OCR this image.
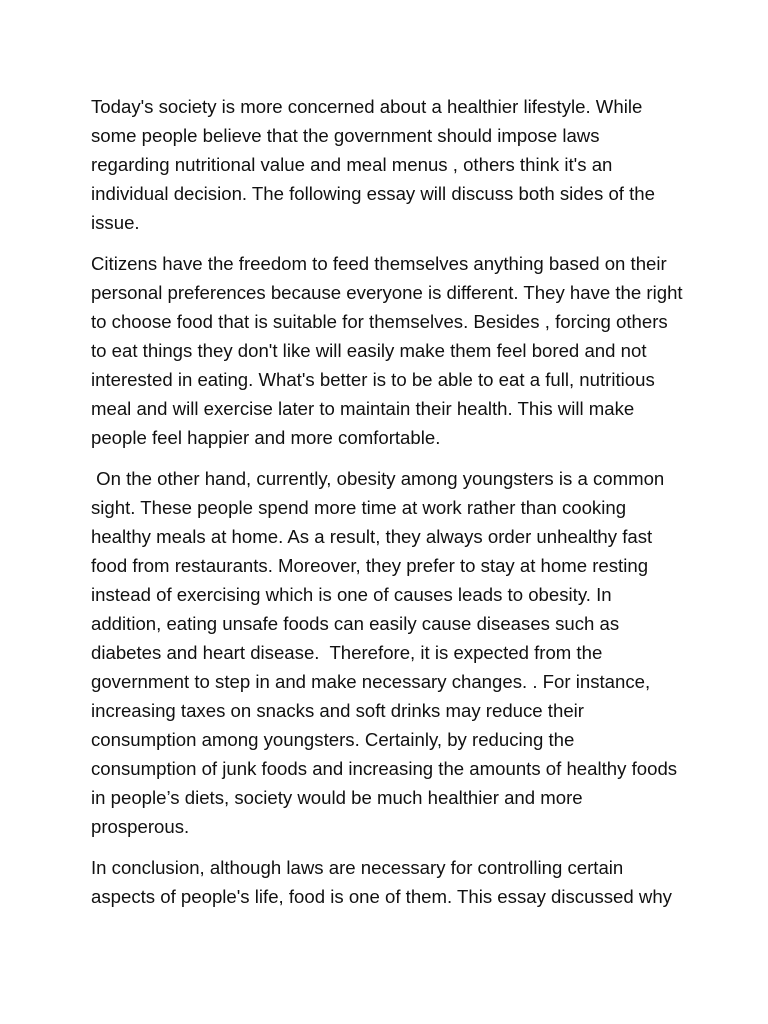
Today's society is more concerned about a healthier lifestyle. While
some people believe that the government should impose laws
regarding nutritional value and meal menus , others think it's an
individual decision. The following essay will discuss both sides of the
issue.

Citizens have the freedom to feed themselves anything based on their
personal preferences because everyone is different. They have the right
to choose food that is suitable for themselves. Besides , forcing others
to eat things they don't like will easily make them feel bored and not
interested in eating. What's better is to be able to eat a full, nutritious
meal and will exercise later to maintain their health. This will make
people feel happier and more comfortable.

On the other hand, currently, obesity among youngsters is a common
sight. These people spend more time at work rather than cooking
healthy meals at home. As a result, they always order unhealthy fast
food from restaurants. Moreover, they prefer to stay at home resting
instead of exercising which is one of causes leads to obesity. In
addition, eating unsafe foods can easily cause diseases such as
diabetes and heart disease.  Therefore, it is expected from the
government to step in and make necessary changes. . For instance,
increasing taxes on snacks and soft drinks may reduce their
consumption among youngsters. Certainly, by reducing the
consumption of junk foods and increasing the amounts of healthy foods
in people’s diets, society would be much healthier and more
prosperous.

In conclusion, although laws are necessary for controlling certain
aspects of people's life, food is one of them. This essay discussed why
